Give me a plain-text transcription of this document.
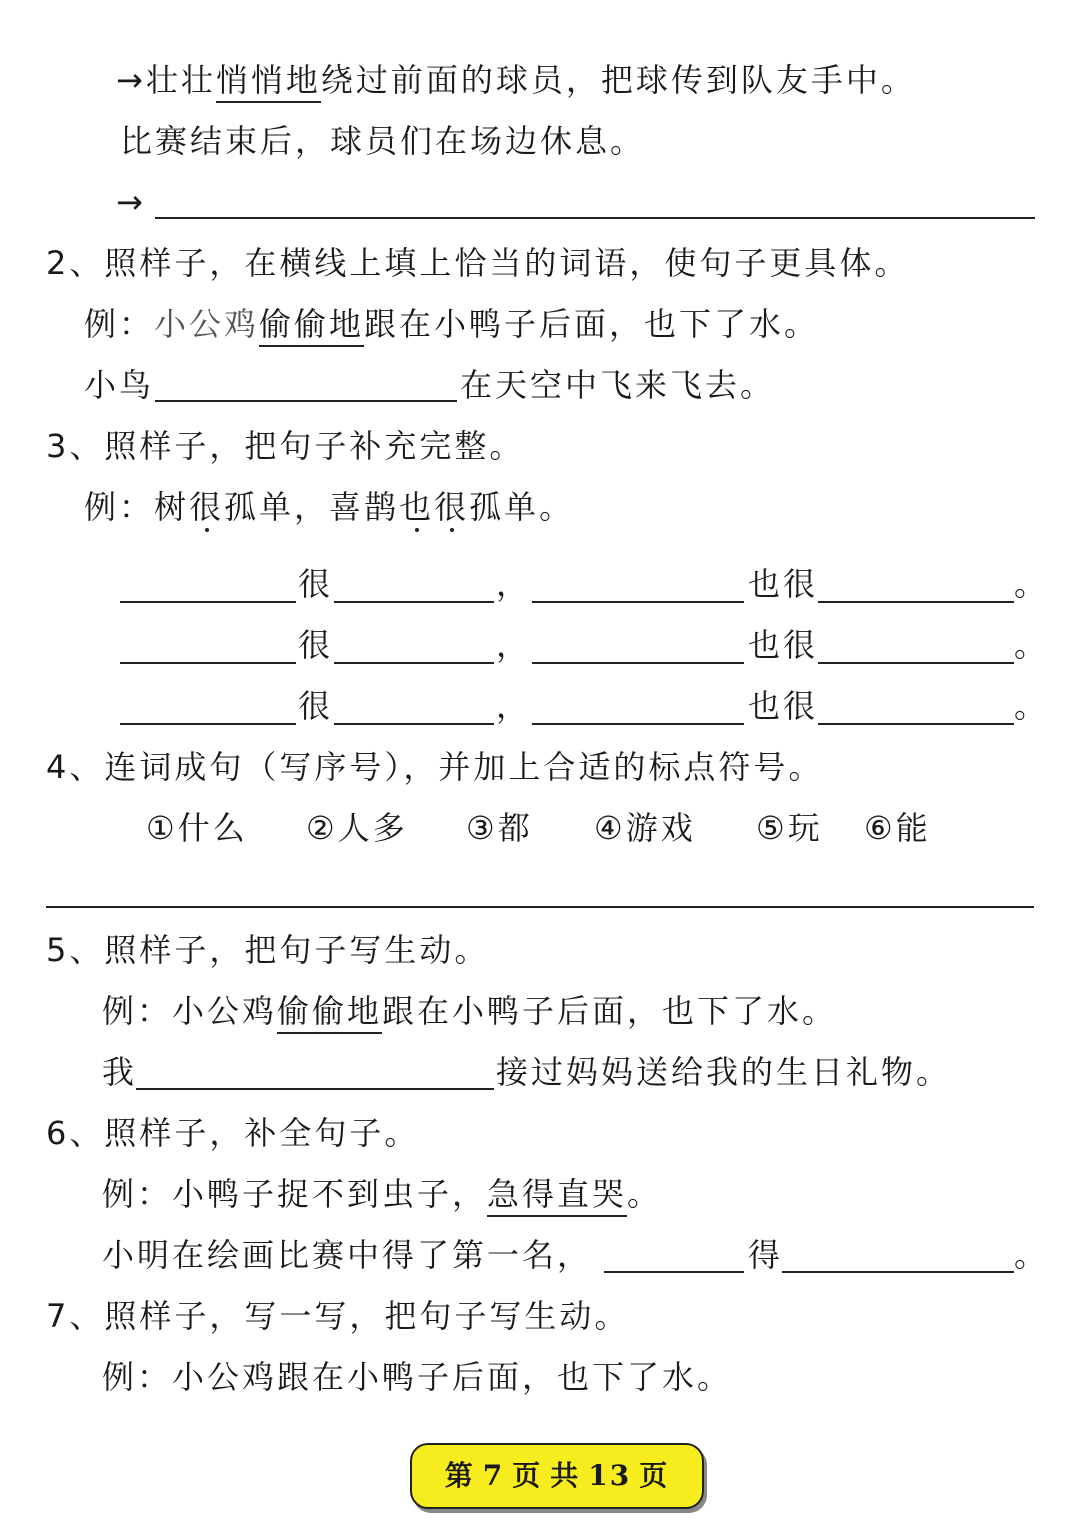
→壮壮悄悄地绕过前面的球员，把球传到队友手中。
比赛结束后，球员们在场边休息。
→
2、照样子，在横线上填上恰当的词语，使句子更具体。
例：小公鸡偷偷地跟在小鸭子后面，也下了水。
小鸟	在天空中飞来飞去。
3、照样子，把句子补充完整。
例：树很孤单，喜鹊也很孤单。
很	，	也很	。
很	，	也很	。
很	，	也很	。
4、连词成句（写序号），并加上合适的标点符号。
①什么 ②人多 ③都 ④游戏 ⑤玩 ⑥能
5、照样子，把句子写生动。
例：小公鸡偷偷地跟在小鸭子后面，也下了水。
我	接过妈妈送给我的生日礼物。
6、照样子，补全句子。
例：小鸭子捉不到虫子，急得直哭。
小明在绘画比赛中得了第一名，	得	。
7、照样子，写一写，把句子写生动。
例：小公鸡跟在小鸭子后面，也下了水。
第 7 页 共 13 页
